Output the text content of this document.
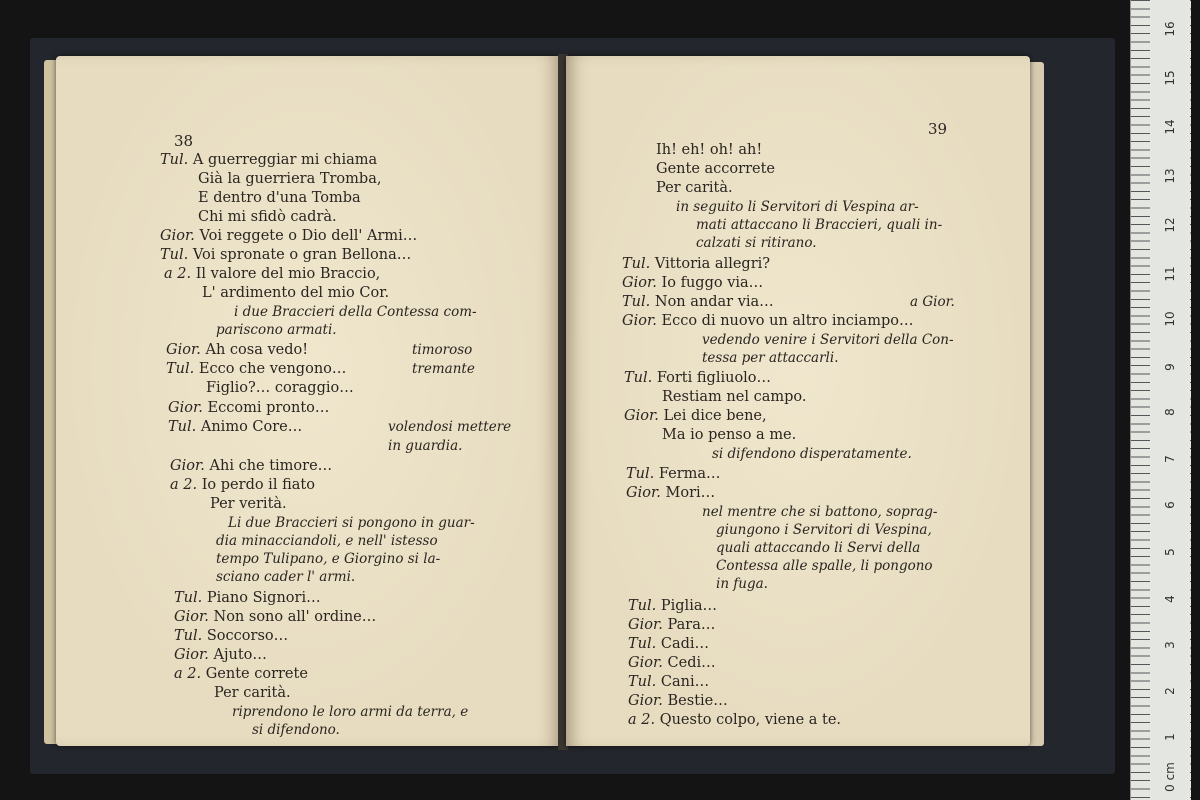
38
Tul. A guerreggiar mi chiama
Già la guerriera Tromba,
E dentro d'una Tomba
Chi mi sfidò cadrà.
Gior. Voi reggete o Dio dell' Armi…
Tul. Voi spronate o gran Bellona…
a 2. Il valore del mio Braccio,
L' ardimento del mio Cor.
i due Braccieri della Contessa com-
pariscono armati.
Gior. Ah cosa vedo!	timoroso
Tul. Ecco che vengono…	tremante
Figlio?… coraggio…
Gior. Eccomi pronto…
Tul. Animo Core…	volendosi mettere
in guardia.
Gior. Ahi che timore…
a 2. Io perdo il fiato
Per verità.
Li due Braccieri si pongono in guar-
dia minacciandoli, e nell' istesso
tempo Tulipano, e Giorgino si la-
sciano cader l' armi.
Tul. Piano Signori…
Gior. Non sono all' ordine…
Tul. Soccorso…
Gior. Ajuto…
a 2. Gente correte
Per carità.
riprendono le loro armi da terra, e
si difendono.
39
Ih! eh! oh! ah!
Gente accorrete
Per carità.
in seguito li Servitori di Vespina ar-
mati attaccano li Braccieri, quali in-
calzati si ritirano.
Tul. Vittoria allegri?
Gior. Io fuggo via…
Tul. Non andar via…	a Gior.
Gior. Ecco di nuovo un altro inciampo…
vedendo venire i Servitori della Con-
tessa per attaccarli.
Tul. Forti figliuolo…
Restiam nel campo.
Gior. Lei dice bene,
Ma io penso a me.
si difendono disperatamente.
Tul. Ferma…
Gior. Mori…
nel mentre che si battono, soprag-
giungono i Servitori di Vespina,
quali attaccando li Servi della
Contessa alle spalle, li pongono
in fuga.
Tul. Piglia…
Gior. Para…
Tul. Cadi…
Gior. Cedi…
Tul. Cani…
Gior. Bestie…
a 2. Questo colpo, viene a te.
16
15
14
13
12
11
10
9
8
7
6
5
4
3
2
1
0 cm
